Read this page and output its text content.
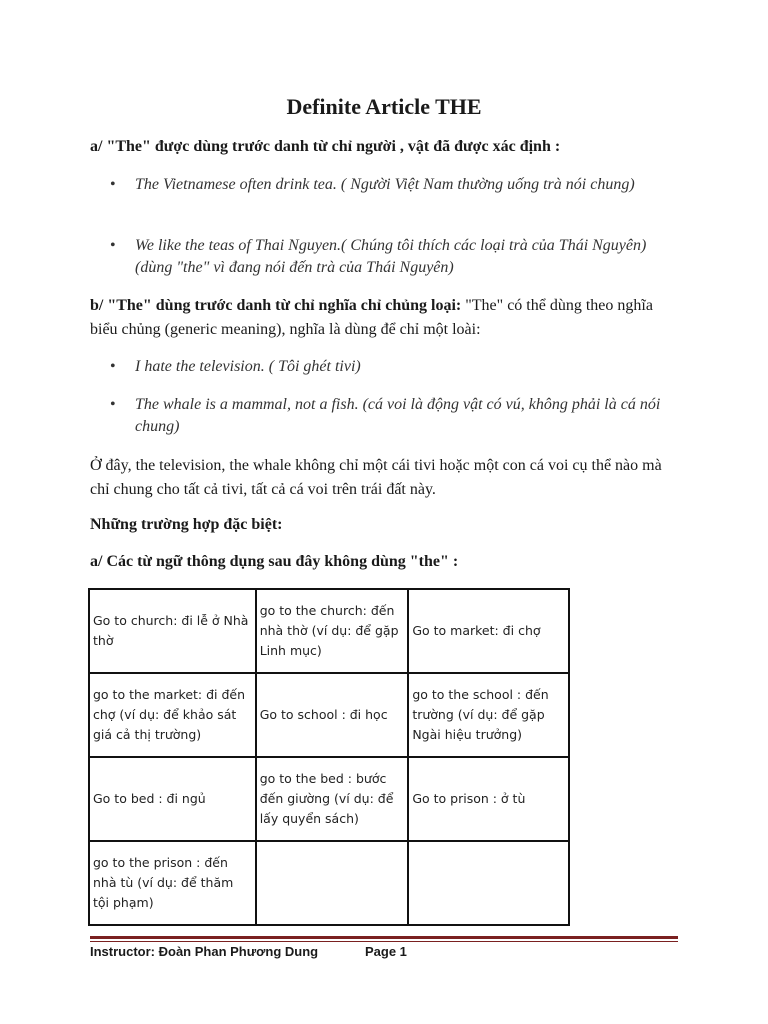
Definite Article THE
a/ "The" được dùng trước danh từ chỉ người , vật đã được xác định :
• The Vietnamese often drink tea. ( Người Việt Nam thường uống trà nói chung)
• We like the teas of Thai Nguyen.( Chúng tôi thích các loại trà của Thái Nguyên) (dùng "the" vì đang nói đến trà của Thái Nguyên)
b/ "The" dùng trước danh từ chỉ nghĩa chỉ chủng loại: "The" có thể dùng theo nghĩa biểu chủng (generic meaning), nghĩa là dùng để chỉ một loài:
• I hate the television. ( Tôi ghét tivi)
• The whale is a mammal, not a fish. (cá voi là động vật có vú, không phải là cá nói chung)
Ở đây, the television, the whale không chỉ một cái tivi hoặc một con cá voi cụ thể nào mà chỉ chung cho tất cả tivi, tất cả cá voi trên trái đất này.
Những trường hợp đặc biệt:
a/ Các từ ngữ thông dụng sau đây không dùng "the" :
Go to church: đi lễ ở Nhà thờ	go to the church: đến nhà thờ (ví dụ: để gặp Linh mục)	Go to market: đi chợ
go to the market: đi đến chợ (ví dụ: để khảo sát giá cả thị trường)	Go to school : đi học	go to the school : đến trường (ví dụ: để gặp Ngài hiệu trưởng)
Go to bed : đi ngủ	go to the bed : bước đến giường (ví dụ: để lấy quyển sách)	Go to prison : ở tù
go to the prison : đến nhà tù (ví dụ: để thăm tội phạm)		
Instructor: Đoàn Phan Phương Dung	Page 1
